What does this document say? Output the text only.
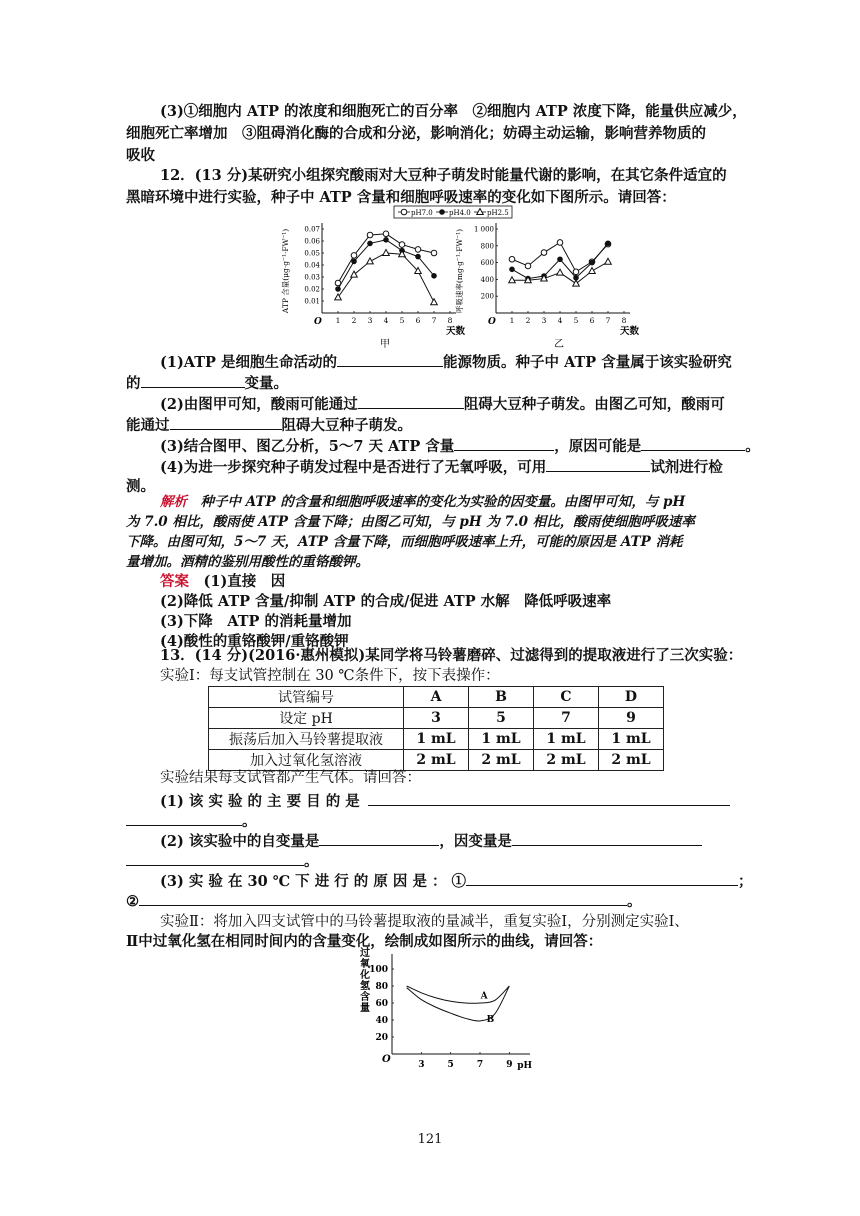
(3)①细胞内 ATP 的浓度和细胞死亡的百分率　②细胞内 ATP 浓度下降，能量供应减少，
细胞死亡率增加　③阻碍消化酶的合成和分泌，影响消化；妨碍主动运输，影响营养物质的
吸收
12．(13 分)某研究小组探究酸雨对大豆种子萌发时能量代谢的影响，在其它条件适宜的
黑暗环境中进行实验，种子中 ATP 含量和细胞呼吸速率的变化如下图所示。请回答：
pH7.0 pH4.0 pH2.5
O 1 2 3 4 5 6 7 8
0.01
0.02
0.03
0.04
0.05
0.06
0.07
天数
ATP 含量(μg·g⁻¹·FW⁻¹)
甲
O 1 2 3 4 5 6 7 8
200
400
600
800
1 000
天数
呼吸速率(mg·g⁻¹·FW⁻¹)
乙
(1)ATP 是细胞生命活动的	能源物质。种子中 ATP 含量属于该实验研究
的	变量。
(2)由图甲可知，酸雨可能通过	阻碍大豆种子萌发。由图乙可知，酸雨可
能通过	阻碍大豆种子萌发。
(3)结合图甲、图乙分析，5～7 天 ATP 含量	，原因可能是	。
(4)为进一步探究种子萌发过程中是否进行了无氧呼吸，可用	试剂进行检
测。
解析　 种子中 ATP 的含量和细胞呼吸速率的变化为实验的因变量。由图甲可知，与 pH
为 7.0 相比，酸雨使 ATP 含量下降；由图乙可知，与 pH 为 7.0 相比，酸雨使细胞呼吸速率
下降。由图可知，5～7 天，ATP 含量下降，而细胞呼吸速率上升，可能的原因是 ATP 消耗
量增加。酒精的鉴别用酸性的重铬酸钾。
答案　 (1)直接　因
(2)降低 ATP 含量/抑制 ATP 的合成/促进 ATP 水解　降低呼吸速率
(3)下降　ATP 的消耗量增加
(4)酸性的重铬酸钾/重铬酸钾
13．(14 分)(2016·惠州模拟)某同学将马铃薯磨碎、过滤得到的提取液进行了三次实验：
实验Ⅰ：每支试管控制在 30 ℃条件下，按下表操作：
试管编号	A	B	C	D
设定 pH	3	5	7	9
振荡后加入马铃薯提取液	1 mL	1 mL	1 mL	1 mL
加入过氧化氢溶液	2 mL	2 mL	2 mL	2 mL
实验结果每支试管都产生气体。请回答：
(1) 该 实 验 的 主 要 目 的 是
。
(2) 该实验中的自变量是	，因变量是
。
(3) 实 验 在 30 ℃ 下 进 行 的 原 因 是 ： ①	；
②	。
实验Ⅱ：将加入四支试管中的马铃薯提取液的量减半，重复实验Ⅰ，分别测定实验Ⅰ、
Ⅱ中过氧化氢在相同时间内的含量变化，绘制成如图所示的曲线，请回答：
O	3	5	7	9
20
40
60
80
100
pH
过氧化氢含量
A
B
121
